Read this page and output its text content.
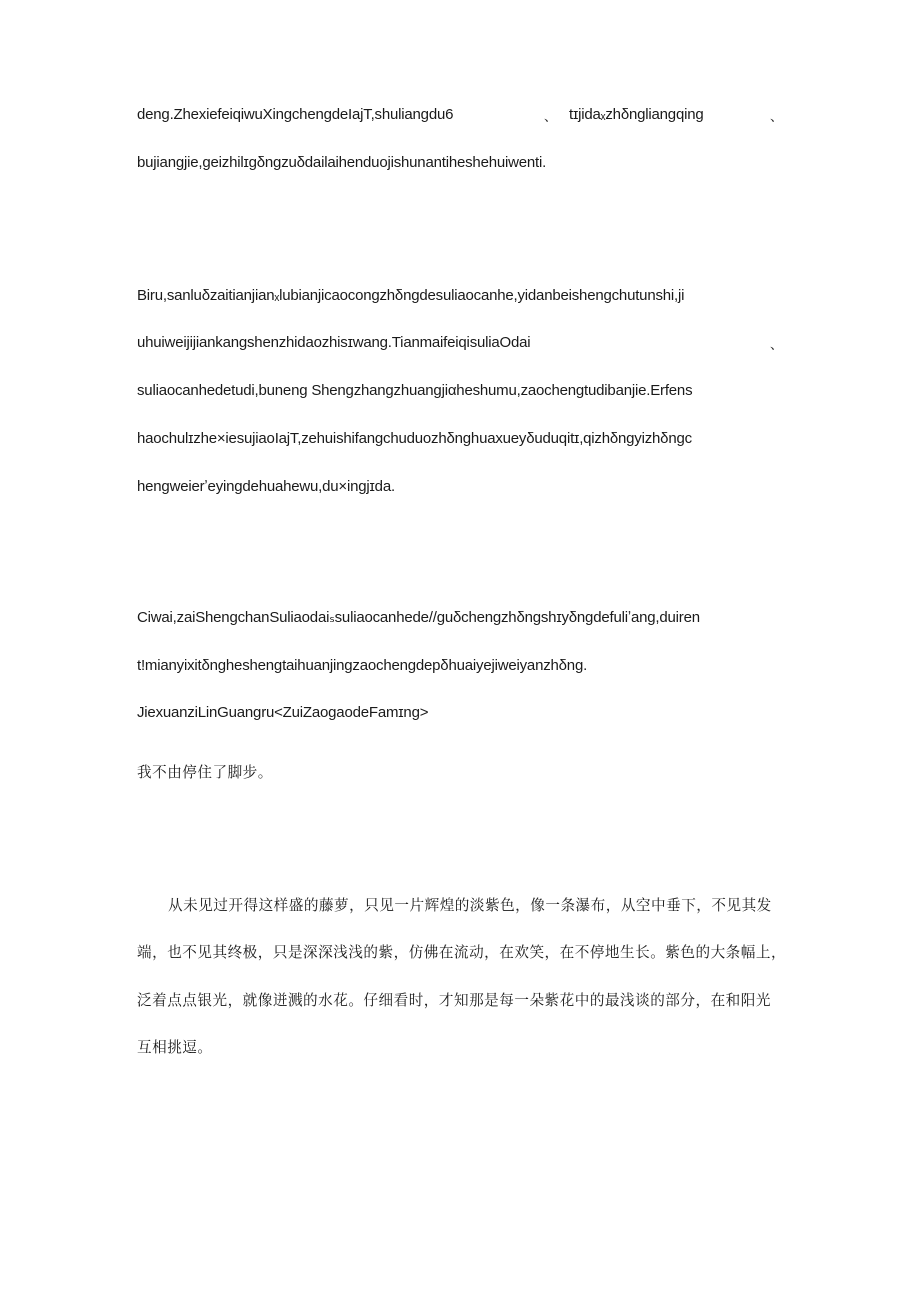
deng.ZhexiefeiqiwuXingchengdeIajT,shuliangdu6	、 tɪjidaₓzhδngliangqing	、
bujiangjie,geizhilɪgδngzuδdailaihenduojishunantiheshehuiwenti.
Biru,sanluδzaitianjianₓlubianjicaocongzhδngdesuliaocanhe,yidanbeishengchutunshi,ji
uhuiweijijiankangshenzhidaozhisɪwang.TianmaifeiqisuliaOdai	、
suliaocanhedetudi,buneng Shengzhangzhuangjiαheshumu,zaochengtudibanjie.Erfens
haochulɪzhe×iesujiaoIajT,zehuishifangchuduozhδnghuaxueyδuduqitɪ,qizhδngyizhδngc
hengweierʼeyingdehuahewu,du×ingjɪda.
Ciwai,zaiShengchanSuliaodaiₛsuliaocanhede//guδchengzhδngshɪyδngdefuliʼang,duiren
t!mianyixitδngheshengtaihuanjingzaochengdepδhuaiyejiweiyanzhδng.
JiexuanziLinGuangru<ZuiZaogaodeFamɪng>
我不由停住了脚步。
从未见过开得这样盛的藤萝，只见一片辉煌的淡紫色，像一条瀑布，从空中垂下，不见其发
端，也不见其终极，只是深深浅浅的紫，仿佛在流动，在欢笑，在不停地生长。紫色的大条幅上，
泛着点点银光，就像迸溅的水花。仔细看时，才知那是每一朵紫花中的最浅谈的部分，在和阳光
互相挑逗。
